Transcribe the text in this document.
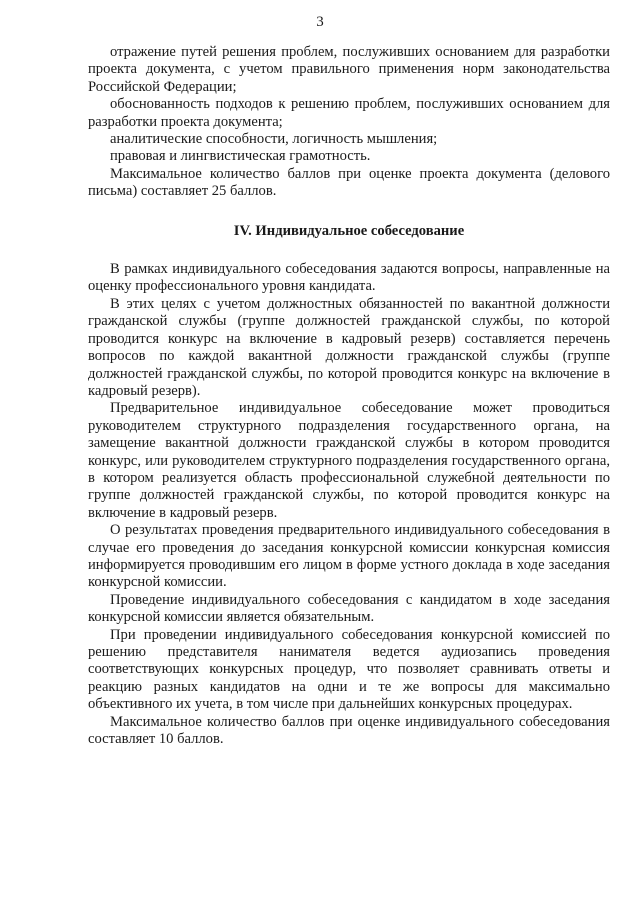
3

отражение путей решения проблем, послуживших основанием для разработки проекта документа, с учетом правильного применения норм законодательства Российской Федерации;

обоснованность подходов к решению проблем, послуживших основанием для разработки проекта документа;

аналитические способности, логичность мышления;

правовая и лингвистическая грамотность.

Максимальное количество баллов при оценке проекта документа (делового письма) составляет 25 баллов.

IV. Индивидуальное собеседование

В рамках индивидуального собеседования задаются вопросы, направленные на оценку профессионального уровня кандидата.

В этих целях с учетом должностных обязанностей по вакантной должности гражданской службы (группе должностей гражданской службы, по которой проводится конкурс на включение в кадровый резерв) составляется перечень вопросов по каждой вакантной должности гражданской службы (группе должностей гражданской службы, по которой проводится конкурс на включение в кадровый резерв).

Предварительное индивидуальное собеседование может проводиться руководителем структурного подразделения государственного органа, на замещение вакантной должности гражданской службы в котором проводится конкурс, или руководителем структурного подразделения государственного органа, в котором реализуется область профессиональной служебной деятельности по группе должностей гражданской службы, по которой проводится конкурс на включение в кадровый резерв.

О результатах проведения предварительного индивидуального собеседования в случае его проведения до заседания конкурсной комиссии конкурсная комиссия информируется проводившим его лицом в форме устного доклада в ходе заседания конкурсной комиссии.

Проведение индивидуального собеседования с кандидатом в ходе заседания конкурсной комиссии является обязательным.

При проведении индивидуального собеседования конкурсной комиссией по решению представителя нанимателя ведется аудиозапись проведения соответствующих конкурсных процедур, что позволяет сравнивать ответы и реакцию разных кандидатов на одни и те же вопросы для максимально объективного их учета, в том числе при дальнейших конкурсных процедурах.

Максимальное количество баллов при оценке индивидуального собеседования составляет 10 баллов.
